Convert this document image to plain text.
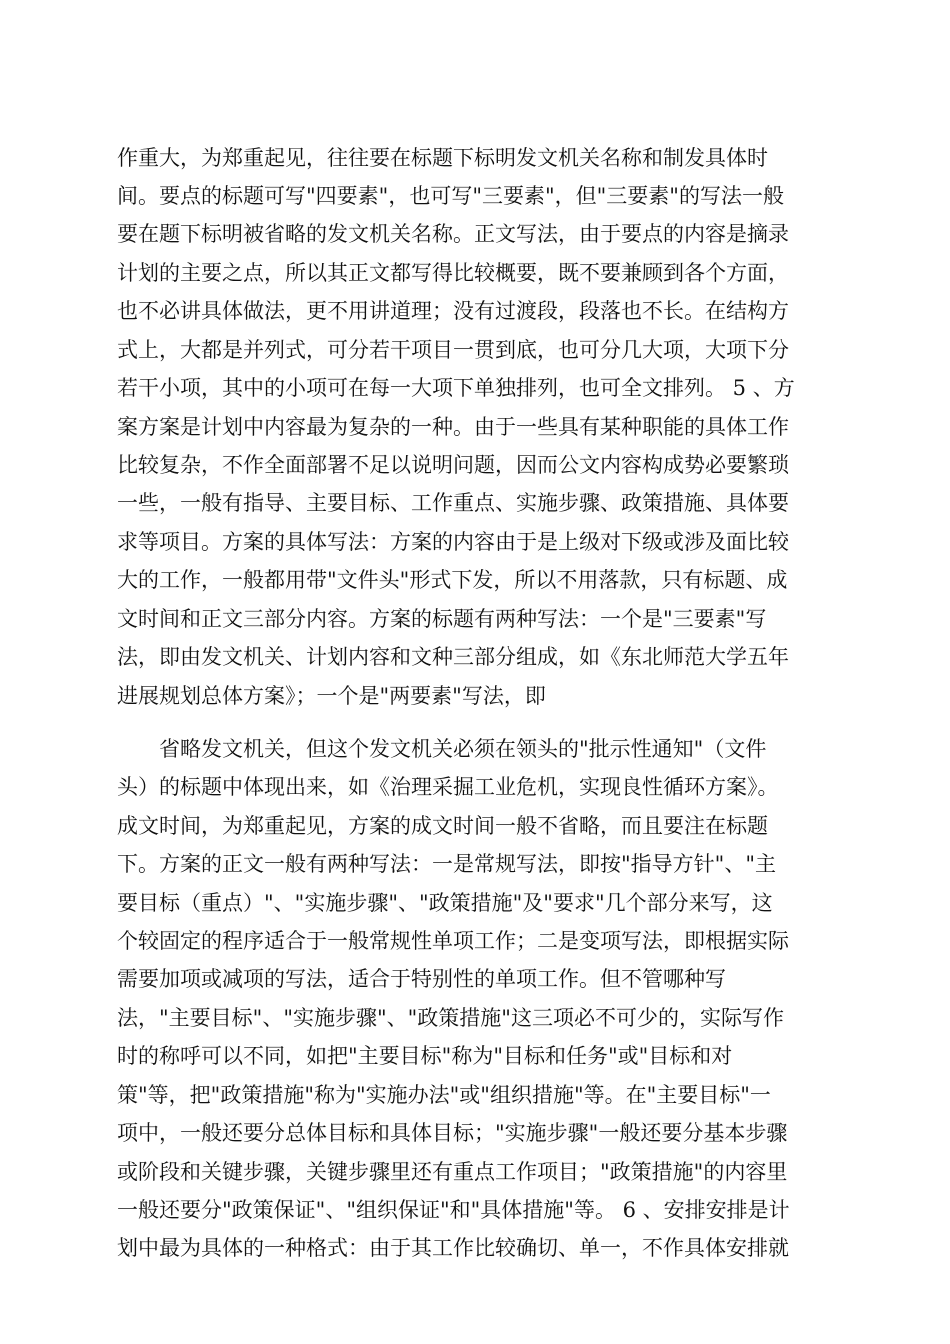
作重大，为郑重起见，往往要在标题下标明发文机关名称和制发具体时
间。要点的标题可写"四要素"，也可写"三要素"，但"三要素"的写法一般
要在题下标明被省略的发文机关名称。正文写法，由于要点的内容是摘录
计划的主要之点，所以其正文都写得比较概要，既不要兼顾到各个方面，
也不必讲具体做法，更不用讲道理；没有过渡段，段落也不长。在结构方
式上，大都是并列式，可分若干项目一贯到底，也可分几大项，大项下分
若干小项，其中的小项可在每一大项下单独排列，也可全文排列。 5 、方
案方案是计划中内容最为复杂的一种。由于一些具有某种职能的具体工作
比较复杂，不作全面部署不足以说明问题，因而公文内容构成势必要繁琐
一些，一般有指导、主要目标、工作重点、实施步骤、政策措施、具体要
求等项目。方案的具体写法：方案的内容由于是上级对下级或涉及面比较
大的工作，一般都用带"文件头"形式下发，所以不用落款，只有标题、成
文时间和正文三部分内容。方案的标题有两种写法：一个是"三要素"写
法，即由发文机关、计划内容和文种三部分组成，如《东北师范大学五年
进展规划总体方案》；一个是"两要素"写法，即
省略发文机关，但这个发文机关必须在领头的"批示性通知"（文件
头）的标题中体现出来，如《治理采掘工业危机，实现良性循环方案》。
成文时间，为郑重起见，方案的成文时间一般不省略，而且要注在标题
下。方案的正文一般有两种写法：一是常规写法，即按"指导方针"、"主
要目标（重点）"、"实施步骤"、"政策措施"及"要求"几个部分来写，这
个较固定的程序适合于一般常规性单项工作；二是变项写法，即根据实际
需要加项或减项的写法，适合于特别性的单项工作。但不管哪种写
法，"主要目标"、"实施步骤"、"政策措施"这三项必不可少的，实际写作
时的称呼可以不同，如把"主要目标"称为"目标和任务"或"目标和对
策"等，把"政策措施"称为"实施办法"或"组织措施"等。在"主要目标"一
项中，一般还要分总体目标和具体目标；"实施步骤"一般还要分基本步骤
或阶段和关键步骤，关键步骤里还有重点工作项目；"政策措施"的内容里
一般还要分"政策保证"、"组织保证"和"具体措施"等。 6 、安排安排是计
划中最为具体的一种格式：由于其工作比较确切、单一，不作具体安排就
